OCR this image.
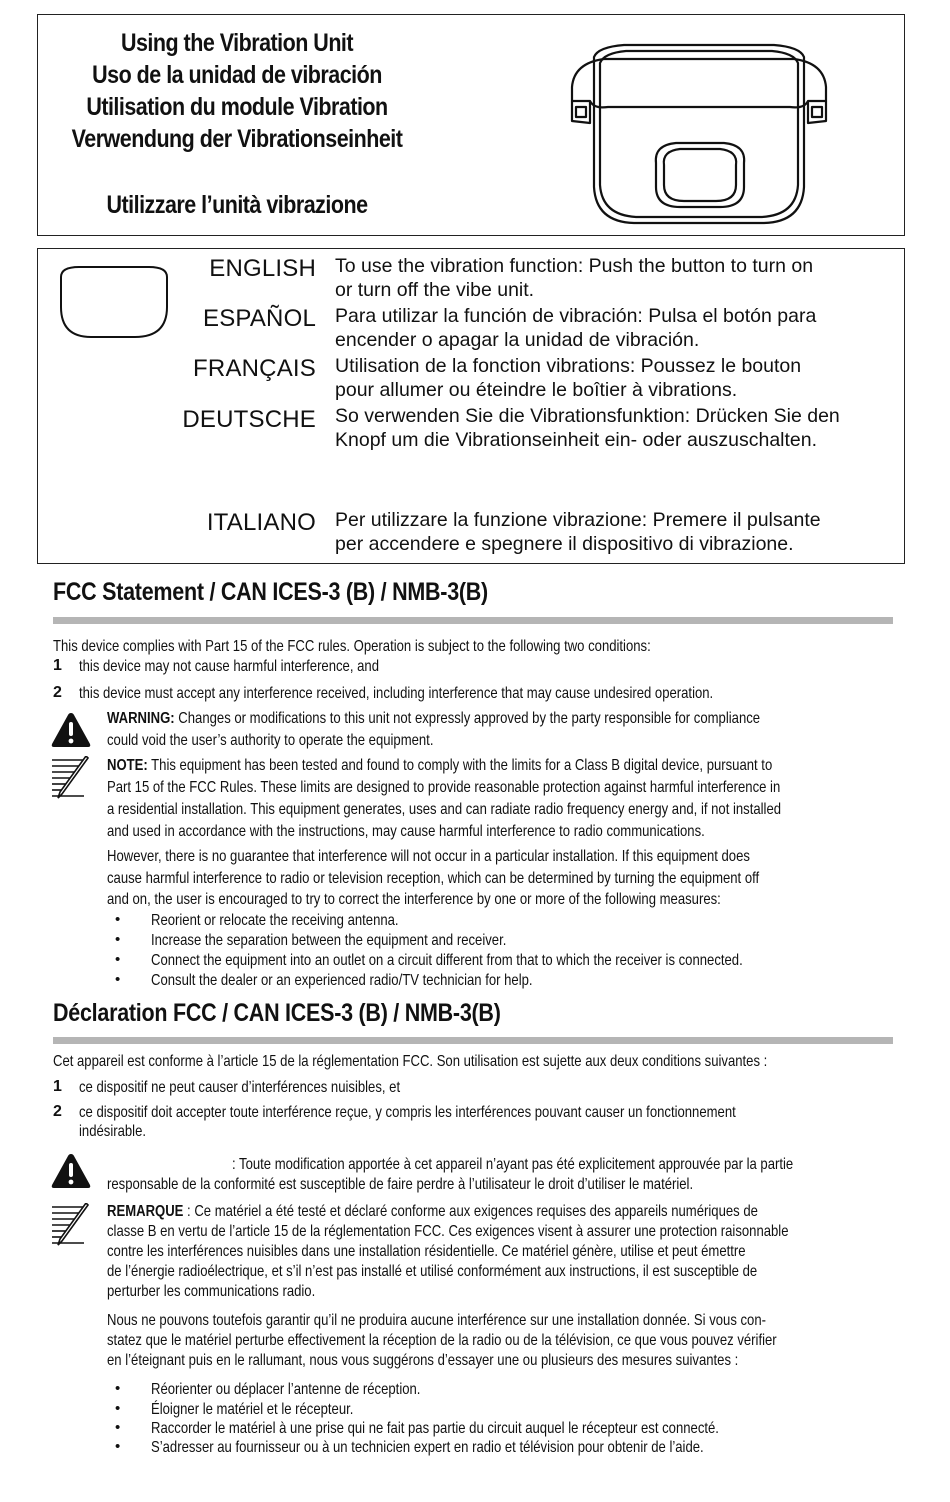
Using the Vibration Unit
Uso de la unidad de vibración
Utilisation du module Vibration
Verwendung der Vibrationseinheit
Utilizzare l’unità vibrazione
ENGLISH To use the vibration function: Push the button to turn on
or turn off the vibe unit.
ESPAÑOL Para utilizar la función de vibración: Pulsa el botón para
encender o apagar la unidad de vibración.
FRANÇAIS Utilisation de la fonction vibrations: Poussez le bouton
pour allumer ou éteindre le boîtier à vibrations.
DEUTSCHE So verwenden Sie die Vibrationsfunktion: Drücken Sie den
Knopf um die Vibrationseinheit ein- oder auszuschalten.
ITALIANO Per utilizzare la funzione vibrazione: Premere il pulsante
per accendere e spegnere il dispositivo di vibrazione.
FCC Statement / CAN ICES-3 (B) / NMB-3(B)
This device complies with Part 15 of the FCC rules. Operation is subject to the following two conditions:
1 this device may not cause harmful interference, and
2 this device must accept any interference received, including interference that may cause undesired operation.
WARNING: Changes or modifications to this unit not expressly approved by the party responsible for compliance
could void the user’s authority to operate the equipment.
NOTE: This equipment has been tested and found to comply with the limits for a Class B digital device, pursuant to
Part 15 of the FCC Rules. These limits are designed to provide reasonable protection against harmful interference in
a residential installation. This equipment generates, uses and can radiate radio frequency energy and, if not installed
and used in accordance with the instructions, may cause harmful interference to radio communications.
However, there is no guarantee that interference will not occur in a particular installation. If this equipment does
cause harmful interference to radio or television reception, which can be determined by turning the equipment off
and on, the user is encouraged to try to correct the interference by one or more of the following measures:
• Reorient or relocate the receiving antenna.
• Increase the separation between the equipment and receiver.
• Connect the equipment into an outlet on a circuit different from that to which the receiver is connected.
• Consult the dealer or an experienced radio/TV technician for help.
Déclaration FCC / CAN ICES-3 (B) / NMB-3(B)
Cet appareil est conforme à l’article 15 de la réglementation FCC. Son utilisation est sujette aux deux conditions suivantes :
1 ce dispositif ne peut causer d’interférences nuisibles, et
2 ce dispositif doit accepter toute interférence reçue, y compris les interférences pouvant causer un fonctionnement
indésirable.
: Toute modification apportée à cet appareil n’ayant pas été explicitement approuvée par la partie
responsable de la conformité est susceptible de faire perdre à l’utilisateur le droit d’utiliser le matériel.
REMARQUE : Ce matériel a été testé et déclaré conforme aux exigences requises des appareils numériques de
classe B en vertu de l’article 15 de la réglementation FCC. Ces exigences visent à assurer une protection raisonnable
contre les interférences nuisibles dans une installation résidentielle. Ce matériel génère, utilise et peut émettre
de l’énergie radioélectrique, et s’il n’est pas installé et utilisé conformément aux instructions, il est susceptible de
perturber les communications radio.
Nous ne pouvons toutefois garantir qu’il ne produira aucune interférence sur une installation donnée. Si vous con-
statez que le matériel perturbe effectivement la réception de la radio ou de la télévision, ce que vous pouvez vérifier
en l’éteignant puis en le rallumant, nous vous suggérons d’essayer une ou plusieurs des mesures suivantes :
• Réorienter ou déplacer l’antenne de réception.
• Éloigner le matériel et le récepteur.
• Raccorder le matériel à une prise qui ne fait pas partie du circuit auquel le récepteur est connecté.
• S’adresser au fournisseur ou à un technicien expert en radio et télévision pour obtenir de l’aide.
